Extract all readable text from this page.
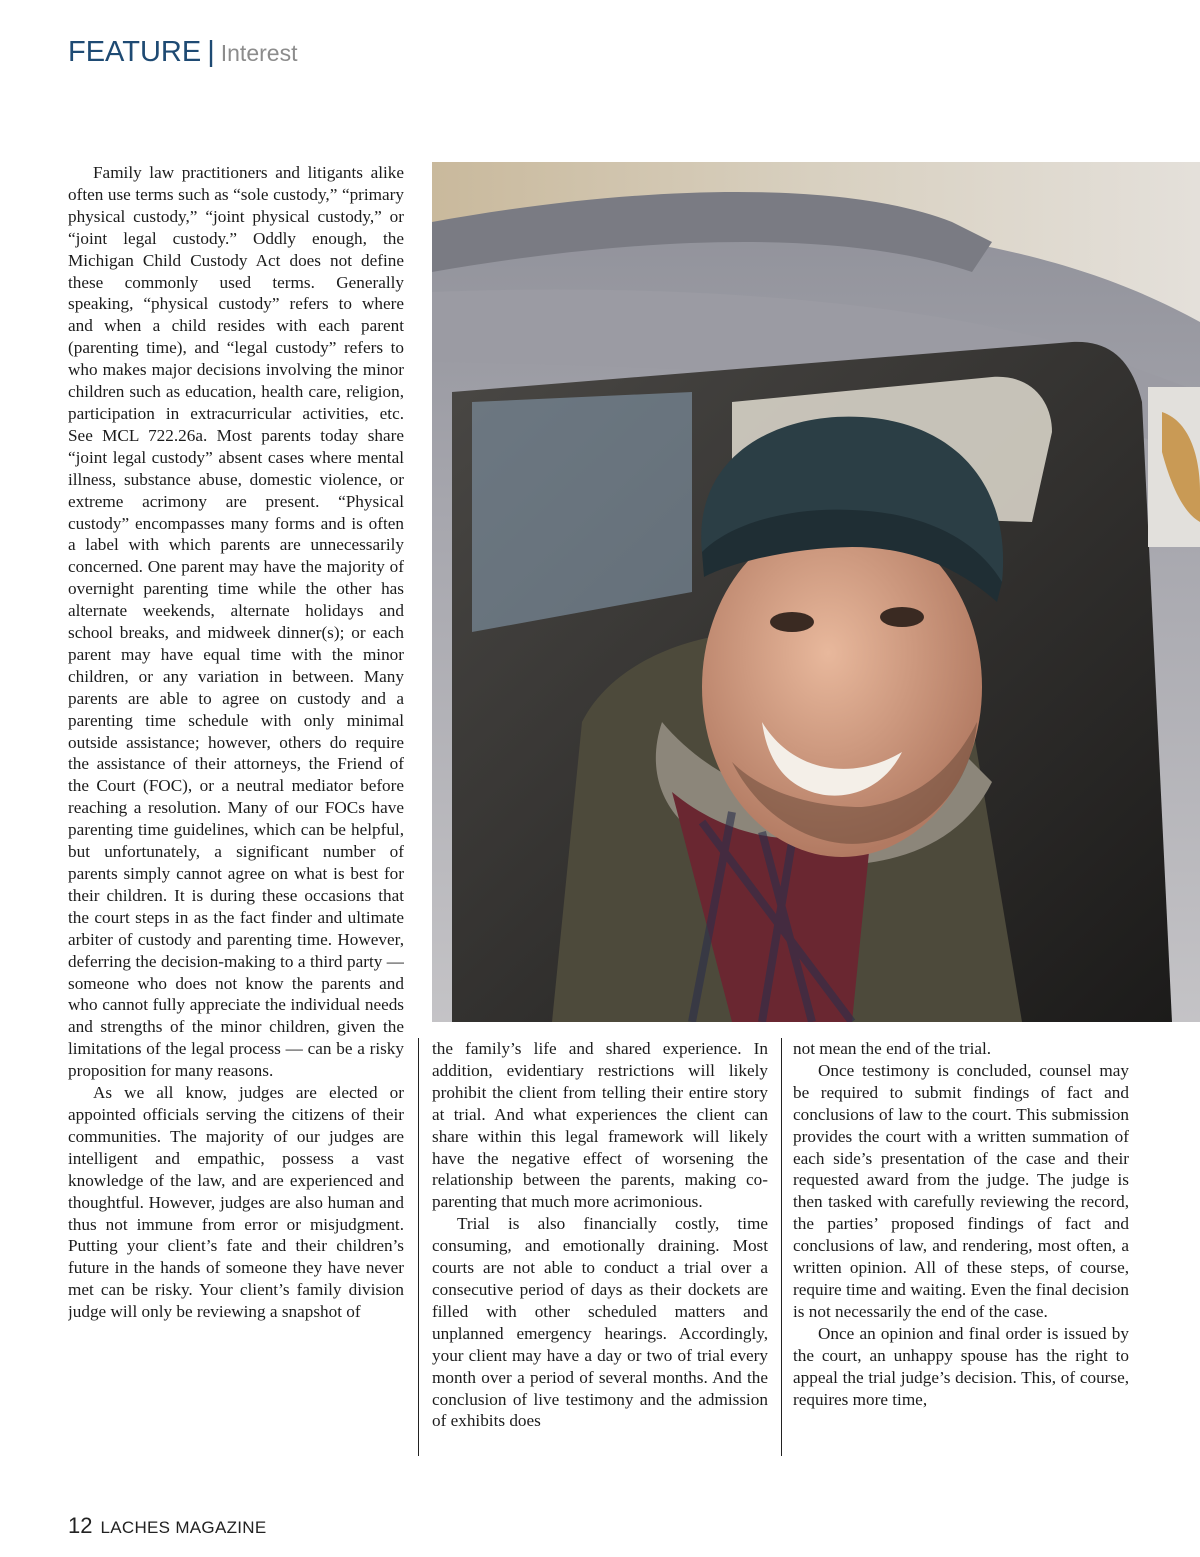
FEATURE | Interest

Family law practitioners and litigants alike often use terms such as “sole custody,” “primary physical custody,” “joint physical custody,” or “joint legal custody.” Oddly enough, the Michigan Child Custody Act does not define these commonly used terms. Generally speaking, “physical custody” refers to where and when a child resides with each parent (parenting time), and “legal custody” refers to who makes major decisions involving the minor children such as education, health care, religion, participation in extracurricular activities, etc. See MCL 722.26a. Most parents today share “joint legal custody” absent cases where mental illness, substance abuse, domestic violence, or extreme acrimony are present. “Physical custody” encompasses many forms and is often a label with which parents are unnecessarily concerned. One parent may have the majority of overnight parenting time while the other has alternate weekends, alternate holidays and school breaks, and midweek dinner(s); or each parent may have equal time with the minor children, or any variation in between. Many parents are able to agree on custody and a parenting time schedule with only minimal outside assistance; however, others do require the assistance of their attorneys, the Friend of the Court (FOC), or a neutral mediator before reaching a resolution. Many of our FOCs have parenting time guidelines, which can be helpful, but unfortunately, a significant number of parents simply cannot agree on what is best for their children. It is during these occasions that the court steps in as the fact finder and ultimate arbiter of custody and parenting time. However, deferring the decision-making to a third party — someone who does not know the parents and who cannot fully appreciate the individual needs and strengths of the minor children, given the limitations of the legal process — can be a risky proposition for many reasons.

As we all know, judges are elected or appointed officials serving the citizens of their communities. The majority of our judges are intelligent and empathic, possess a vast knowledge of the law, and are experienced and thoughtful. However, judges are also human and thus not immune from error or misjudgment. Putting your client’s fate and their children’s future in the hands of someone they have never met can be risky. Your client’s family division judge will only be reviewing a snapshot of

the family’s life and shared experience. In addition, evidentiary restrictions will likely prohibit the client from telling their entire story at trial. And what experiences the client can share within this legal framework will likely have the negative effect of worsening the relationship between the parents, making co-parenting that much more acrimonious.

Trial is also financially costly, time consuming, and emotionally draining. Most courts are not able to conduct a trial over a consecutive period of days as their dockets are filled with other scheduled matters and unplanned emergency hearings. Accordingly, your client may have a day or two of trial every month over a period of several months. And the conclusion of live testimony and the admission of exhibits does

not mean the end of the trial.

Once testimony is concluded, counsel may be required to submit findings of fact and conclusions of law to the court. This submission provides the court with a written summation of each side’s presentation of the case and their requested award from the judge. The judge is then tasked with carefully reviewing the record, the parties’ proposed findings of fact and conclusions of law, and rendering, most often, a written opinion. All of these steps, of course, require time and waiting. Even the final decision is not necessarily the end of the case.

Once an opinion and final order is issued by the court, an unhappy spouse has the right to appeal the trial judge’s decision. This, of course, requires more time,

12 LACHES MAGAZINE
